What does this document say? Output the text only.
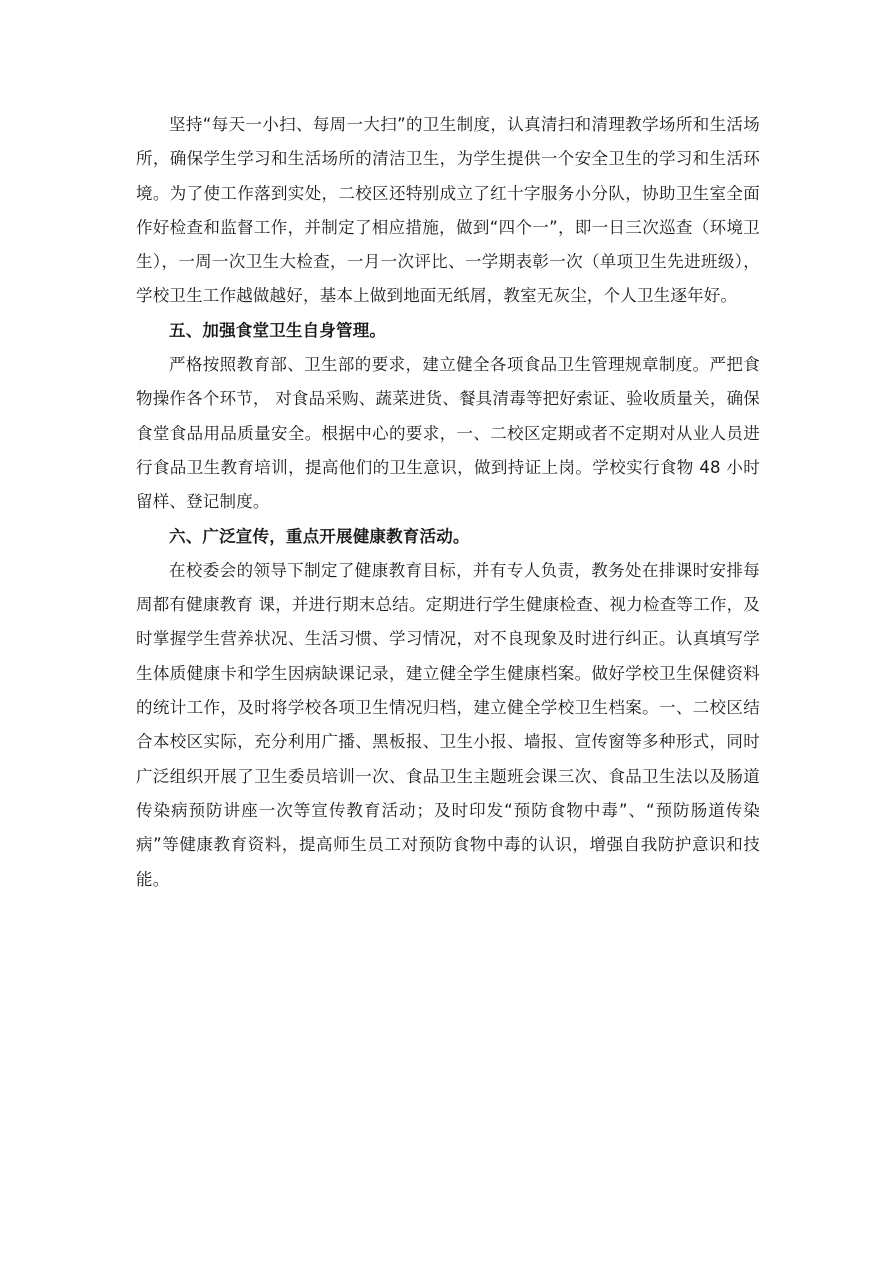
坚持“每天一小扫、每周一大扫”的卫生制度，认真清扫和清理教学场所和生活场所，确保学生学习和生活场所的清洁卫生，为学生提供一个安全卫生的学习和生活环境。为了使工作落到实处，二校区还特别成立了红十字服务小分队，协助卫生室全面作好检查和监督工作，并制定了相应措施，做到“四个一”，即一日三次巡查（环境卫生），一周一次卫生大检查，一月一次评比、一学期表彰一次（单项卫生先进班级），学校卫生工作越做越好，基本上做到地面无纸屑，教室无灰尘，个人卫生逐年好。

五、加强食堂卫生自身管理。

严格按照教育部、卫生部的要求，建立健全各项食品卫生管理规章制度。严把食物操作各个环节， 对食品采购、蔬菜进货、餐具清毒等把好索证、验收质量关，确保食堂食品用品质量安全。根据中心的要求，一、二校区定期或者不定期对从业人员进行食品卫生教育培训，提高他们的卫生意识，做到持证上岗。学校实行食物 48 小时留样、登记制度。

六、广泛宣传，重点开展健康教育活动。

在校委会的领导下制定了健康教育目标，并有专人负责，教务处在排课时安排每周都有健康教育 课，并进行期末总结。定期进行学生健康检查、视力检查等工作，及时掌握学生营养状况、生活习惯、学习情况，对不良现象及时进行纠正。认真填写学生体质健康卡和学生因病缺课记录，建立健全学生健康档案。做好学校卫生保健资料的统计工作，及时将学校各项卫生情况归档，建立健全学校卫生档案。一、二校区结合本校区实际，充分利用广播、黑板报、卫生小报、墙报、宣传窗等多种形式，同时广泛组织开展了卫生委员培训一次、食品卫生主题班会课三次、食品卫生法以及肠道传染病预防讲座一次等宣传教育活动；及时印发“预防食物中毒”、“预防肠道传染病”等健康教育资料，提高师生员工对预防食物中毒的认识，增强自我防护意识和技能。
